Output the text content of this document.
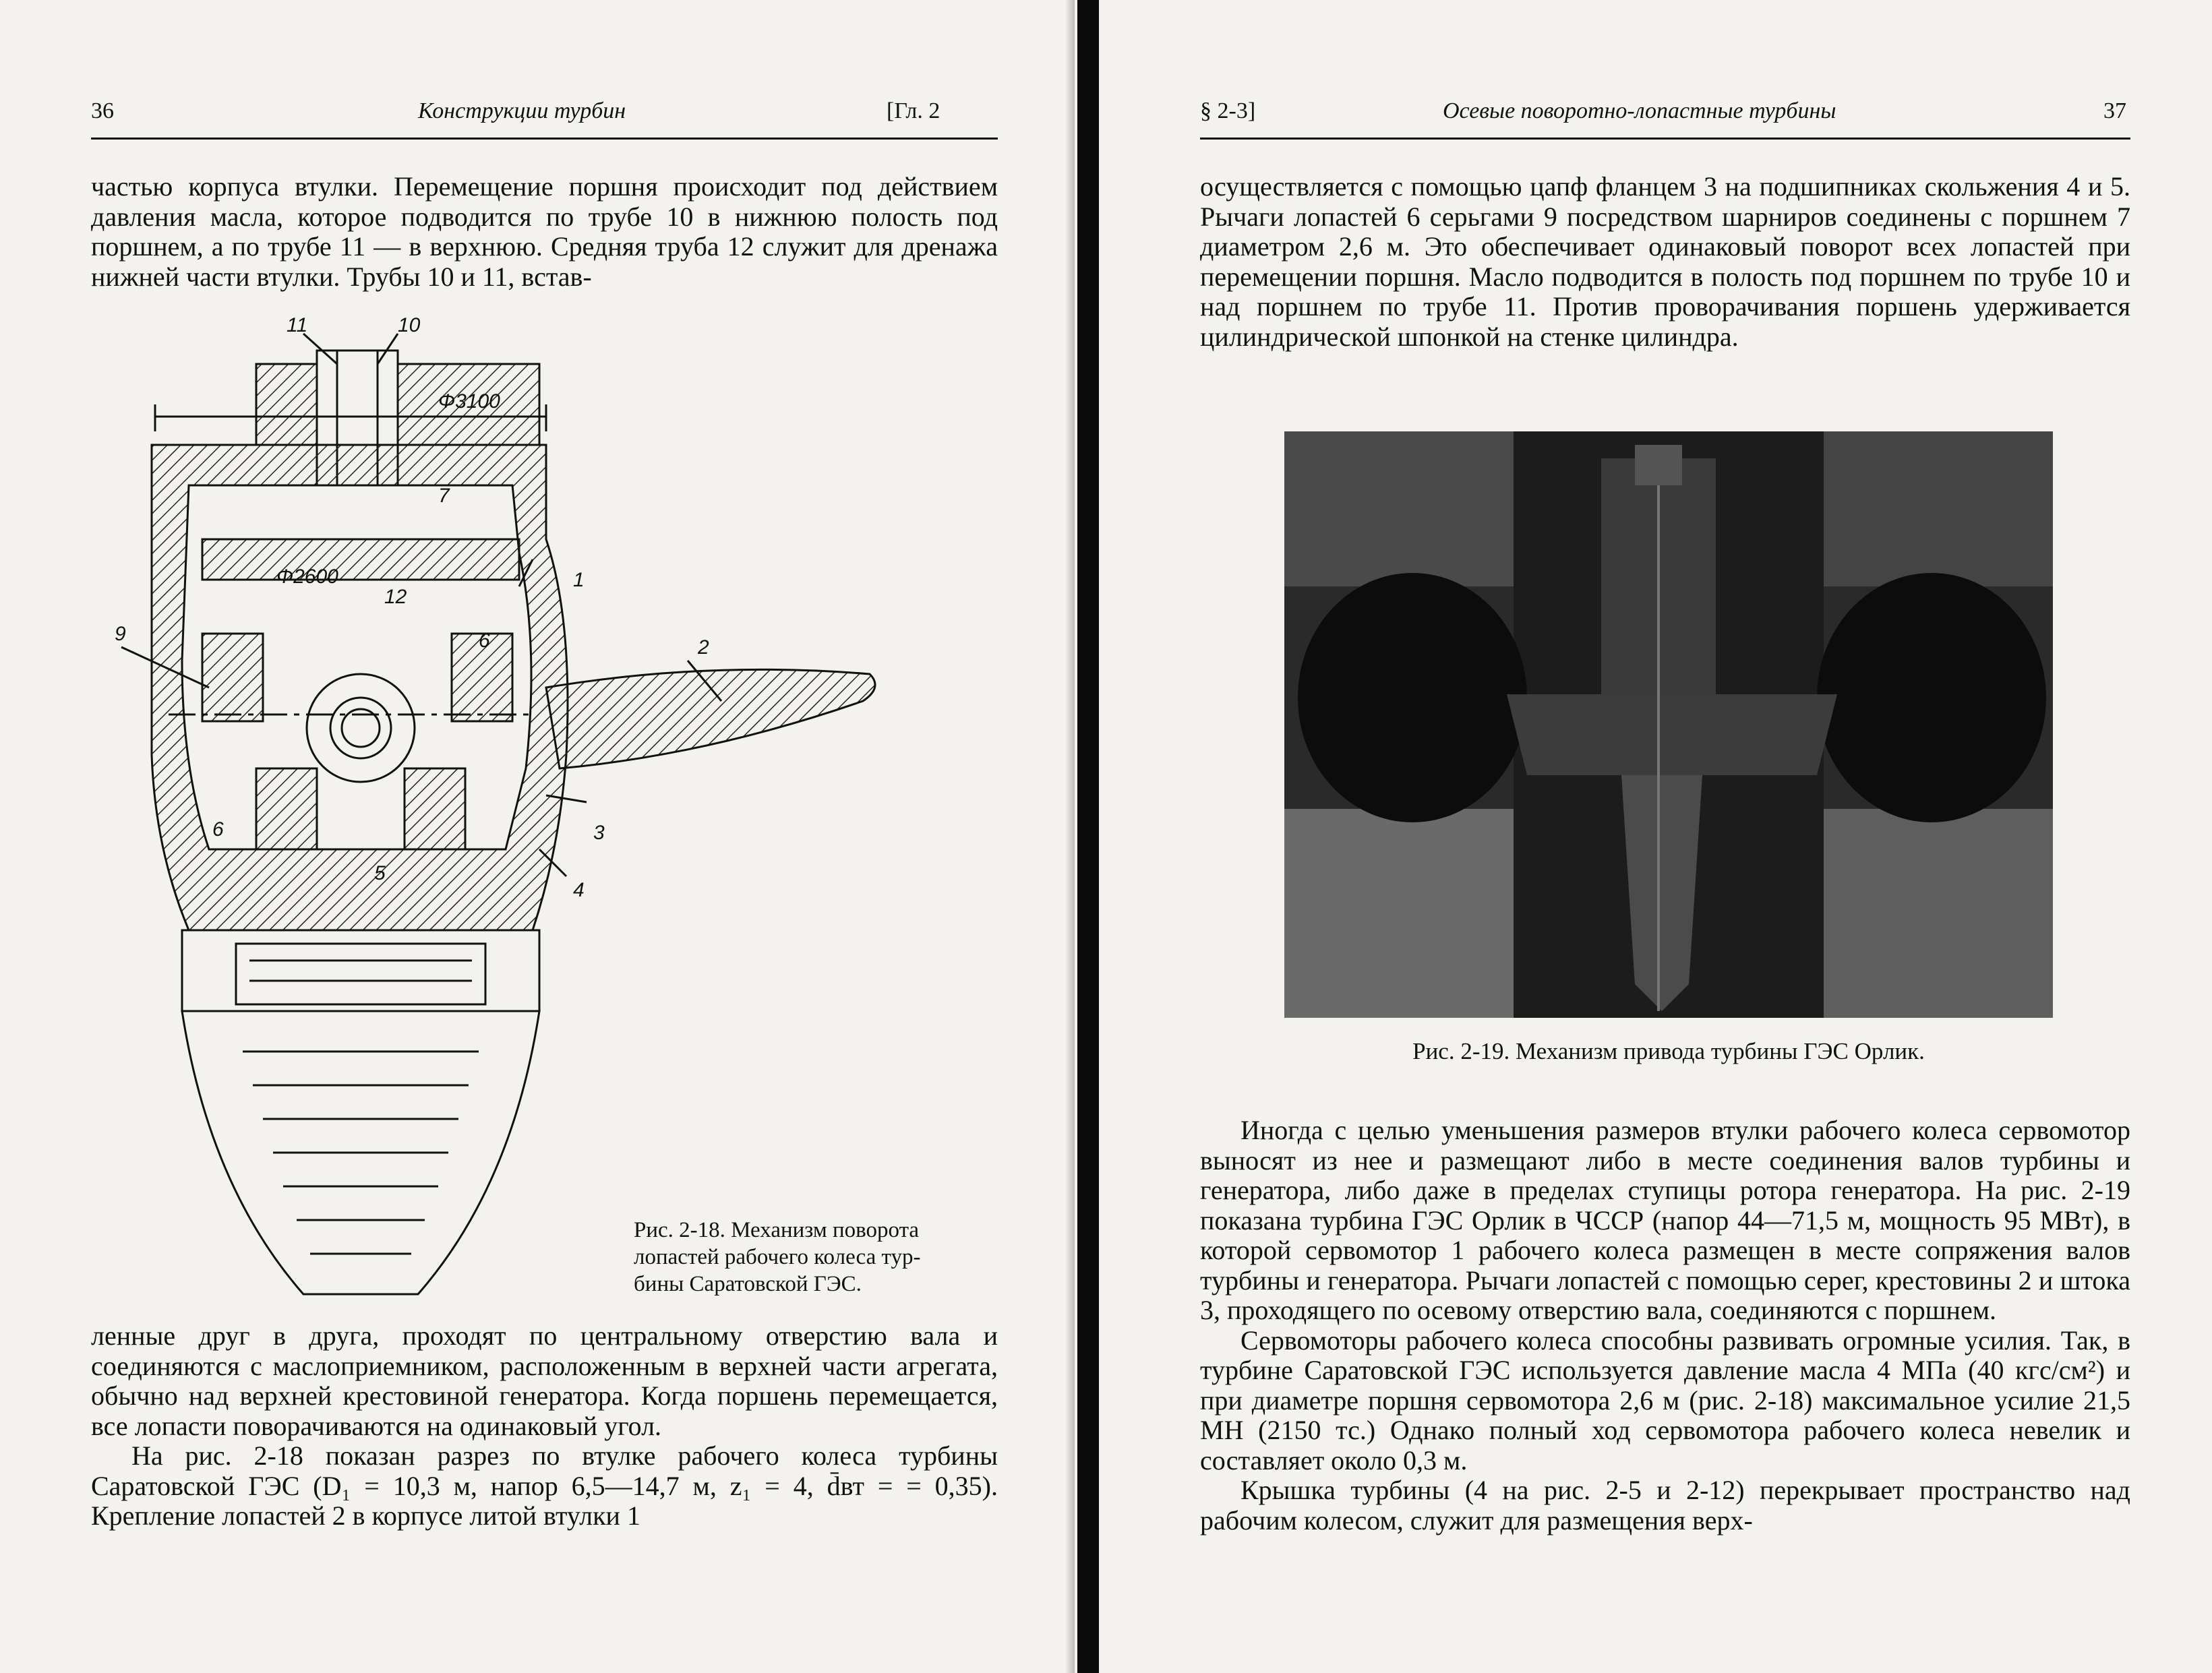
36	Конструкции турбин	[Гл. 2

частью корпуса втулки. Перемещение поршня происходит под действием давления масла, которое подводится по трубе 10 в нижнюю полость под поршнем, а по трубе 11 — в верхнюю. Средняя труба 12 служит для дренажа нижней части втулки. Трубы 10 и 11, встав-

11	10
Φ3100
7
Φ2600
12
1
9	6
6
2
3
5
4
Рис. 2-18. Механизм поворота
лопастей рабочего колеса тур-
бины Саратовской ГЭС.

ленные друг в друга, проходят по центральному отверстию вала и соединяются с маслоприемником, расположенным в верхней части агрегата, обычно над верхней крестовиной генератора. Когда поршень перемещается, все лопасти поворачиваются на одинаковый угол.

На рис. 2-18 показан разрез по втулке рабочего колеса турбины Саратовской ГЭС (D₁ = 10,3 м, напор 6,5—14,7 м, z₁ = 4, d̄вт = = 0,35). Крепление лопастей 2 в корпусе литой втулки 1

§ 2-3]	Осевые поворотно-лопастные турбины	37

осуществляется с помощью цапф фланцем 3 на подшипниках скольжения 4 и 5. Рычаги лопастей 6 серьгами 9 посредством шарниров соединены с поршнем 7 диаметром 2,6 м. Это обеспечивает одинаковый поворот всех лопастей при перемещении поршня. Масло подводится в полость под поршнем по трубе 10 и над поршнем по трубе 11. Против проворачивания поршень удерживается цилиндрической шпонкой на стенке цилиндра.

Рис. 2-19. Механизм привода турбины ГЭС Орлик.

Иногда с целью уменьшения размеров втулки рабочего колеса сервомотор выносят из нее и размещают либо в месте соединения валов турбины и генератора, либо даже в пределах ступицы ротора генератора. На рис. 2-19 показана турбина ГЭС Орлик в ЧССР (напор 44—71,5 м, мощность 95 МВт), в которой сервомотор 1 рабочего колеса размещен в месте сопряжения валов турбины и генератора. Рычаги лопастей с помощью серег, крестовины 2 и штока 3, проходящего по осевому отверстию вала, соединяются с поршнем.

Сервомоторы рабочего колеса способны развивать огромные усилия. Так, в турбине Саратовской ГЭС используется давление масла 4 МПа (40 кгс/см²) и при диаметре поршня сервомотора 2,6 м (рис. 2-18) максимальное усилие 21,5 МН (2150 тс.) Однако полный ход сервомотора рабочего колеса невелик и составляет около 0,3 м.

Крышка турбины (4 на рис. 2-5 и 2-12) перекрывает пространство над рабочим колесом, служит для размещения верх-
